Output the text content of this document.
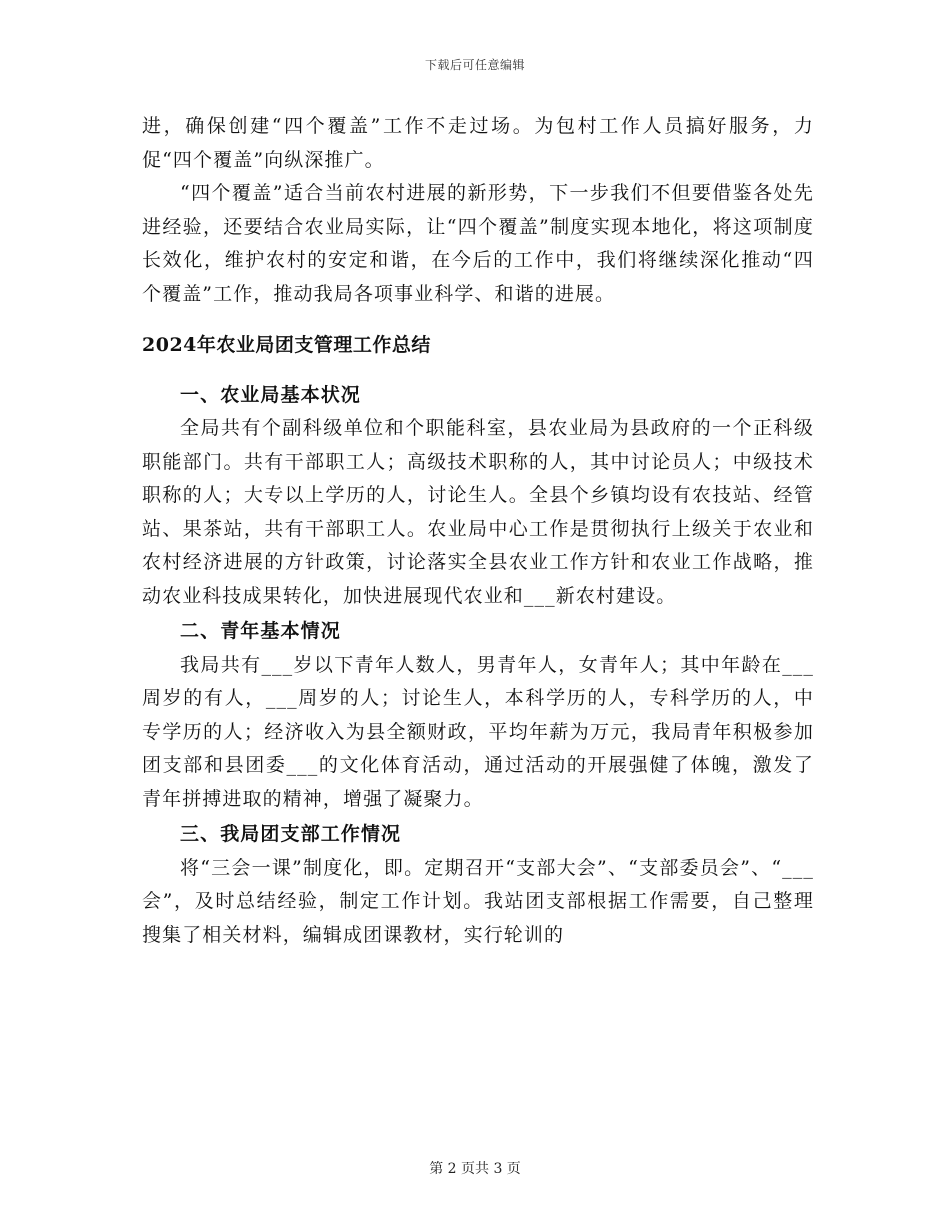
下载后可任意编辑

进，确保创建“四个覆盖”工作不走过场。为包村工作人员搞好服务，力促“四个覆盖”向纵深推广。

“四个覆盖”适合当前农村进展的新形势，下一步我们不但要借鉴各处先进经验，还要结合农业局实际，让“四个覆盖”制度实现本地化，将这项制度长效化，维护农村的安定和谐，在今后的工作中，我们将继续深化推动“四个覆盖”工作，推动我局各项事业科学、和谐的进展。

2024年农业局团支管理工作总结

一、农业局基本状况

全局共有个副科级单位和个职能科室，县农业局为县政府的一个正科级职能部门。共有干部职工人；高级技术职称的人，其中讨论员人；中级技术职称的人；大专以上学历的人，讨论生人。全县个乡镇均设有农技站、经管站、果茶站，共有干部职工人。农业局中心工作是贯彻执行上级关于农业和农村经济进展的方针政策，讨论落实全县农业工作方针和农业工作战略，推动农业科技成果转化，加快进展现代农业和___新农村建设。

二、青年基本情况

我局共有___岁以下青年人数人，男青年人，女青年人；其中年龄在___周岁的有人，___周岁的人；讨论生人，本科学历的人，专科学历的人，中专学历的人；经济收入为县全额财政，平均年薪为万元，我局青年积极参加团支部和县团委___的文化体育活动，通过活动的开展强健了体魄，激发了青年拼搏进取的精神，增强了凝聚力。

三、我局团支部工作情况

将“三会一课”制度化，即。定期召开“支部大会”、“支部委员会”、“___会”，及时总结经验，制定工作计划。我站团支部根据工作需要，自己整理搜集了相关材料，编辑成团课教材，实行轮训的

第 2 页共 3 页
